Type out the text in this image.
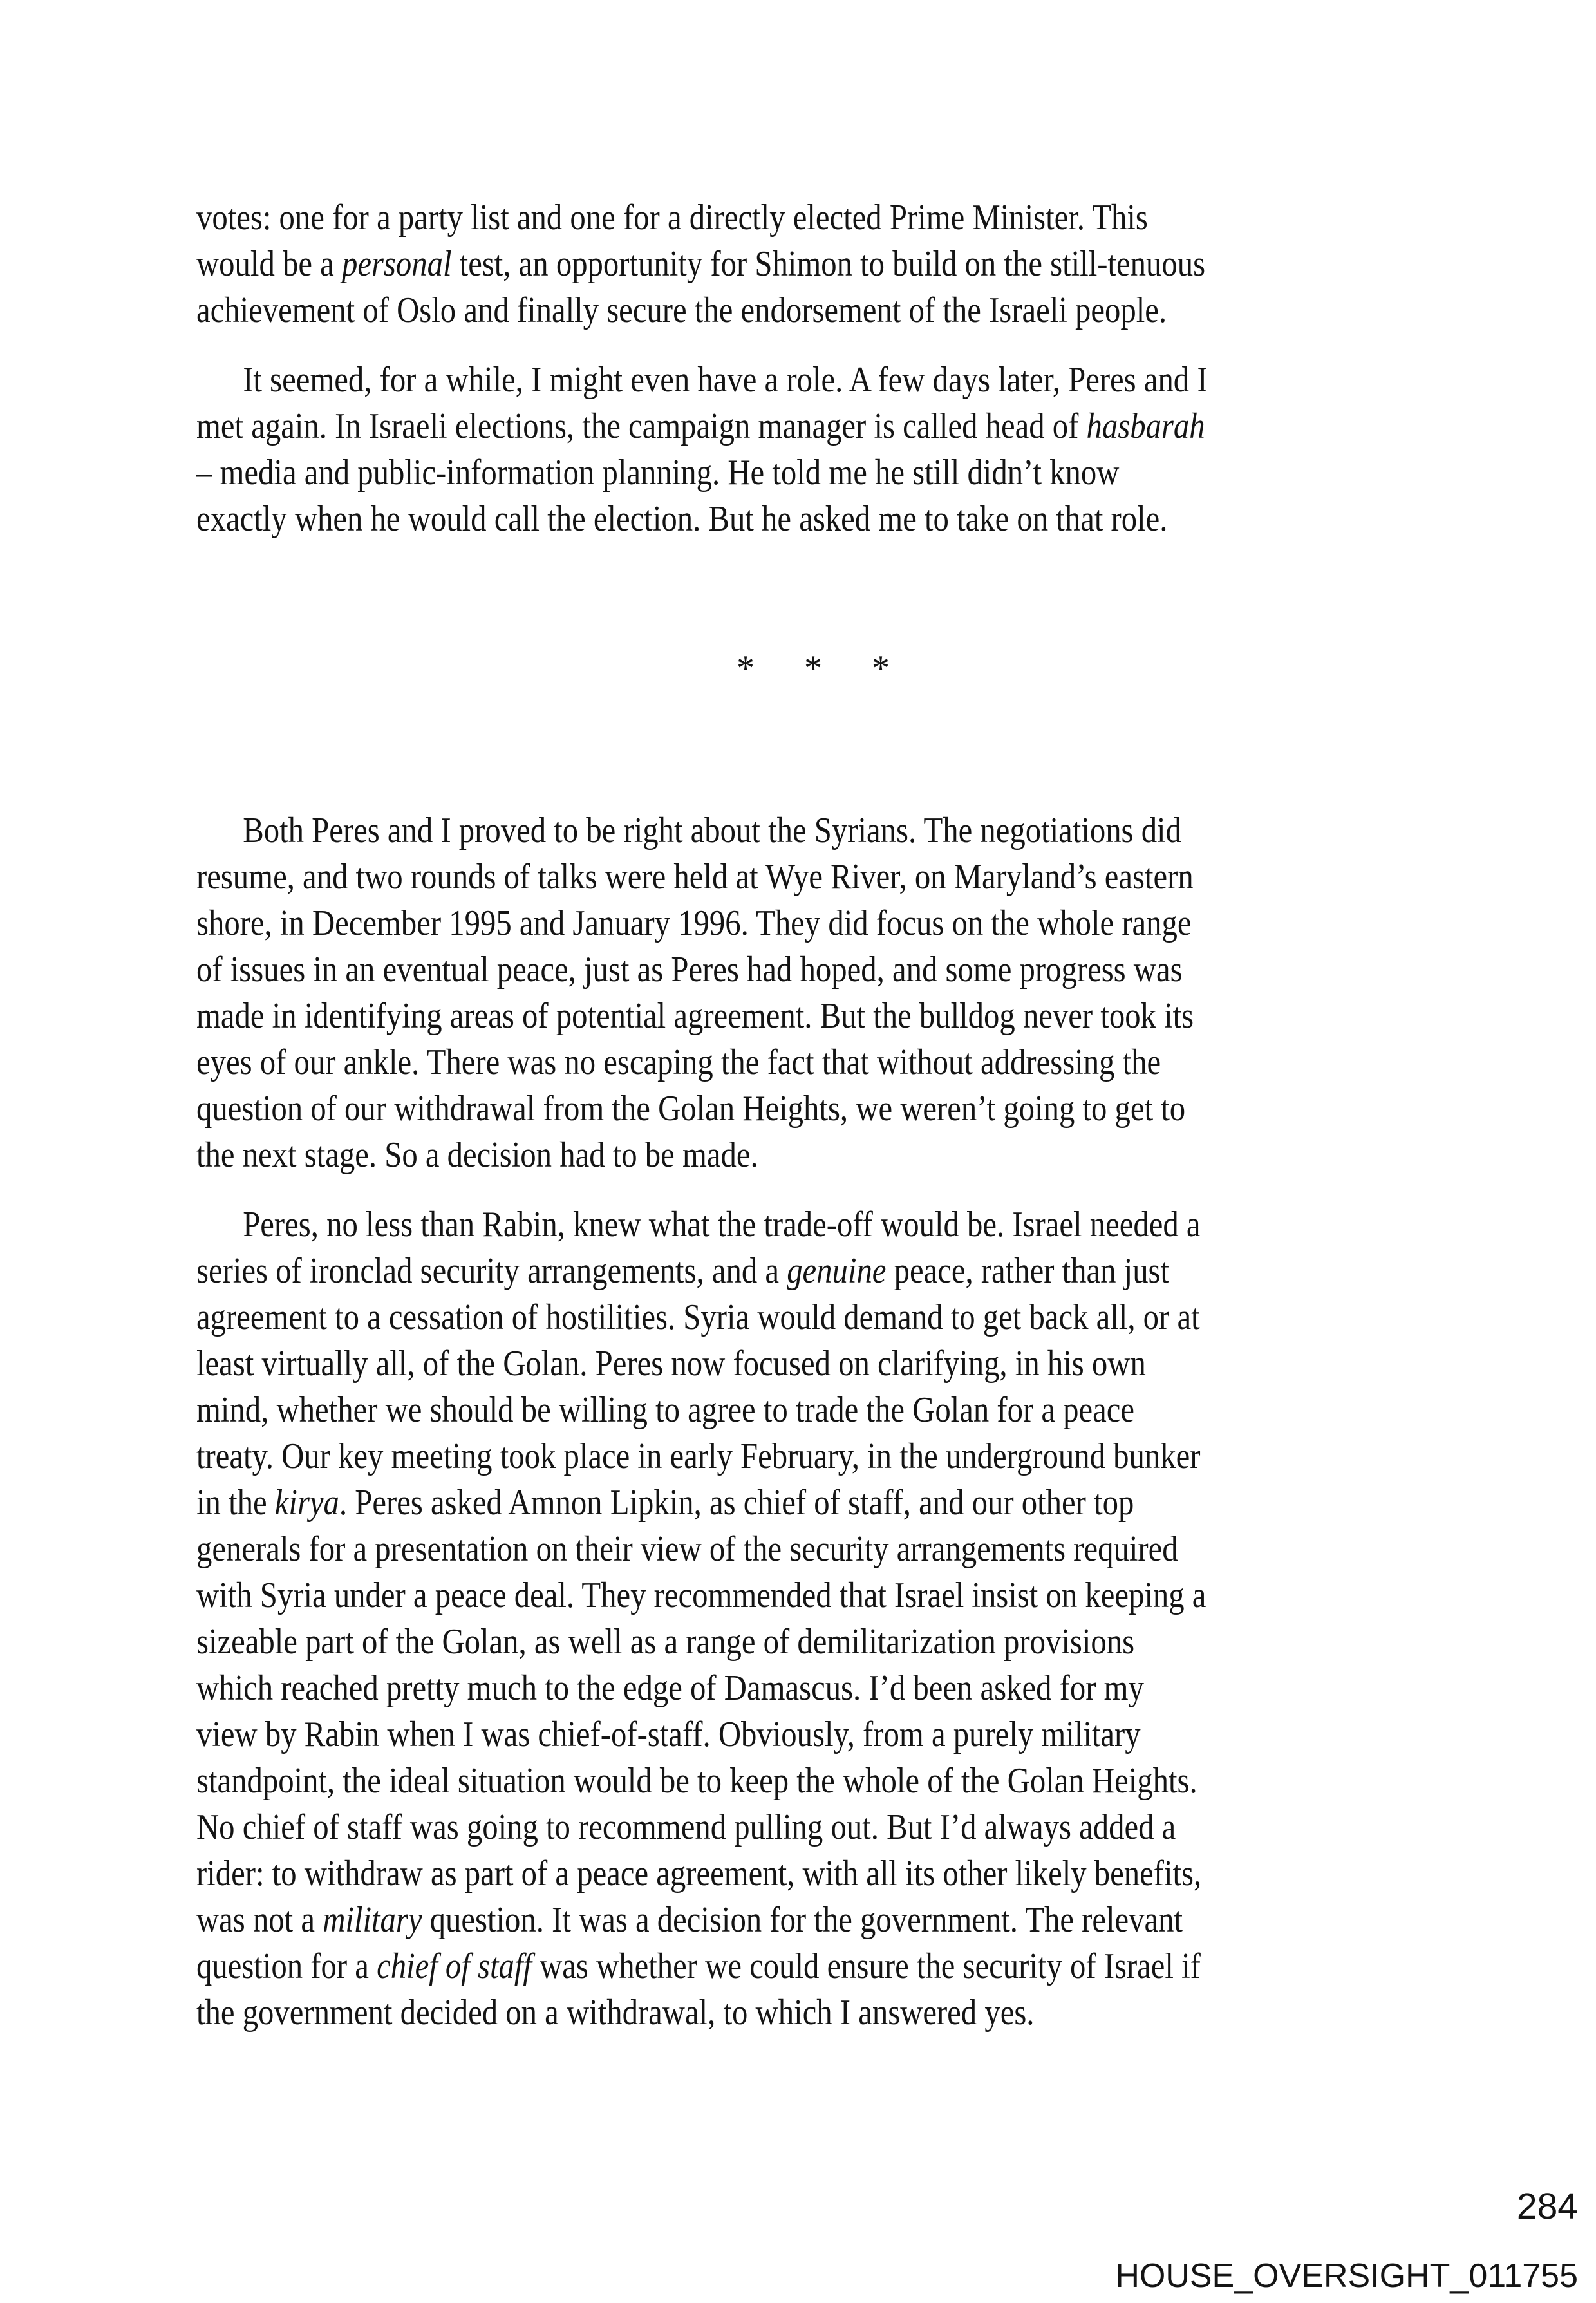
votes: one for a party list and one for a directly elected Prime Minister. This
would be a personal test, an opportunity for Shimon to build on the still-tenuous
achievement of Oslo and finally secure the endorsement of the Israeli people.
It seemed, for a while, I might even have a role. A few days later, Peres and I
met again. In Israeli elections, the campaign manager is called head of hasbarah
– media and public-information planning. He told me he still didn’t know
exactly when he would call the election. But he asked me to take on that role.
* * *
Both Peres and I proved to be right about the Syrians. The negotiations did
resume, and two rounds of talks were held at Wye River, on Maryland’s eastern
shore, in December 1995 and January 1996. They did focus on the whole range
of issues in an eventual peace, just as Peres had hoped, and some progress was
made in identifying areas of potential agreement. But the bulldog never took its
eyes of our ankle. There was no escaping the fact that without addressing the
question of our withdrawal from the Golan Heights, we weren’t going to get to
the next stage. So a decision had to be made.
Peres, no less than Rabin, knew what the trade-off would be. Israel needed a
series of ironclad security arrangements, and a genuine peace, rather than just
agreement to a cessation of hostilities. Syria would demand to get back all, or at
least virtually all, of the Golan. Peres now focused on clarifying, in his own
mind, whether we should be willing to agree to trade the Golan for a peace
treaty. Our key meeting took place in early February, in the underground bunker
in the kirya. Peres asked Amnon Lipkin, as chief of staff, and our other top
generals for a presentation on their view of the security arrangements required
with Syria under a peace deal. They recommended that Israel insist on keeping a
sizeable part of the Golan, as well as a range of demilitarization provisions
which reached pretty much to the edge of Damascus. I’d been asked for my
view by Rabin when I was chief-of-staff. Obviously, from a purely military
standpoint, the ideal situation would be to keep the whole of the Golan Heights.
No chief of staff was going to recommend pulling out. But I’d always added a
rider: to withdraw as part of a peace agreement, with all its other likely benefits,
was not a military question. It was a decision for the government. The relevant
question for a chief of staff was whether we could ensure the security of Israel if
the government decided on a withdrawal, to which I answered yes.
284
HOUSE_OVERSIGHT_011755
